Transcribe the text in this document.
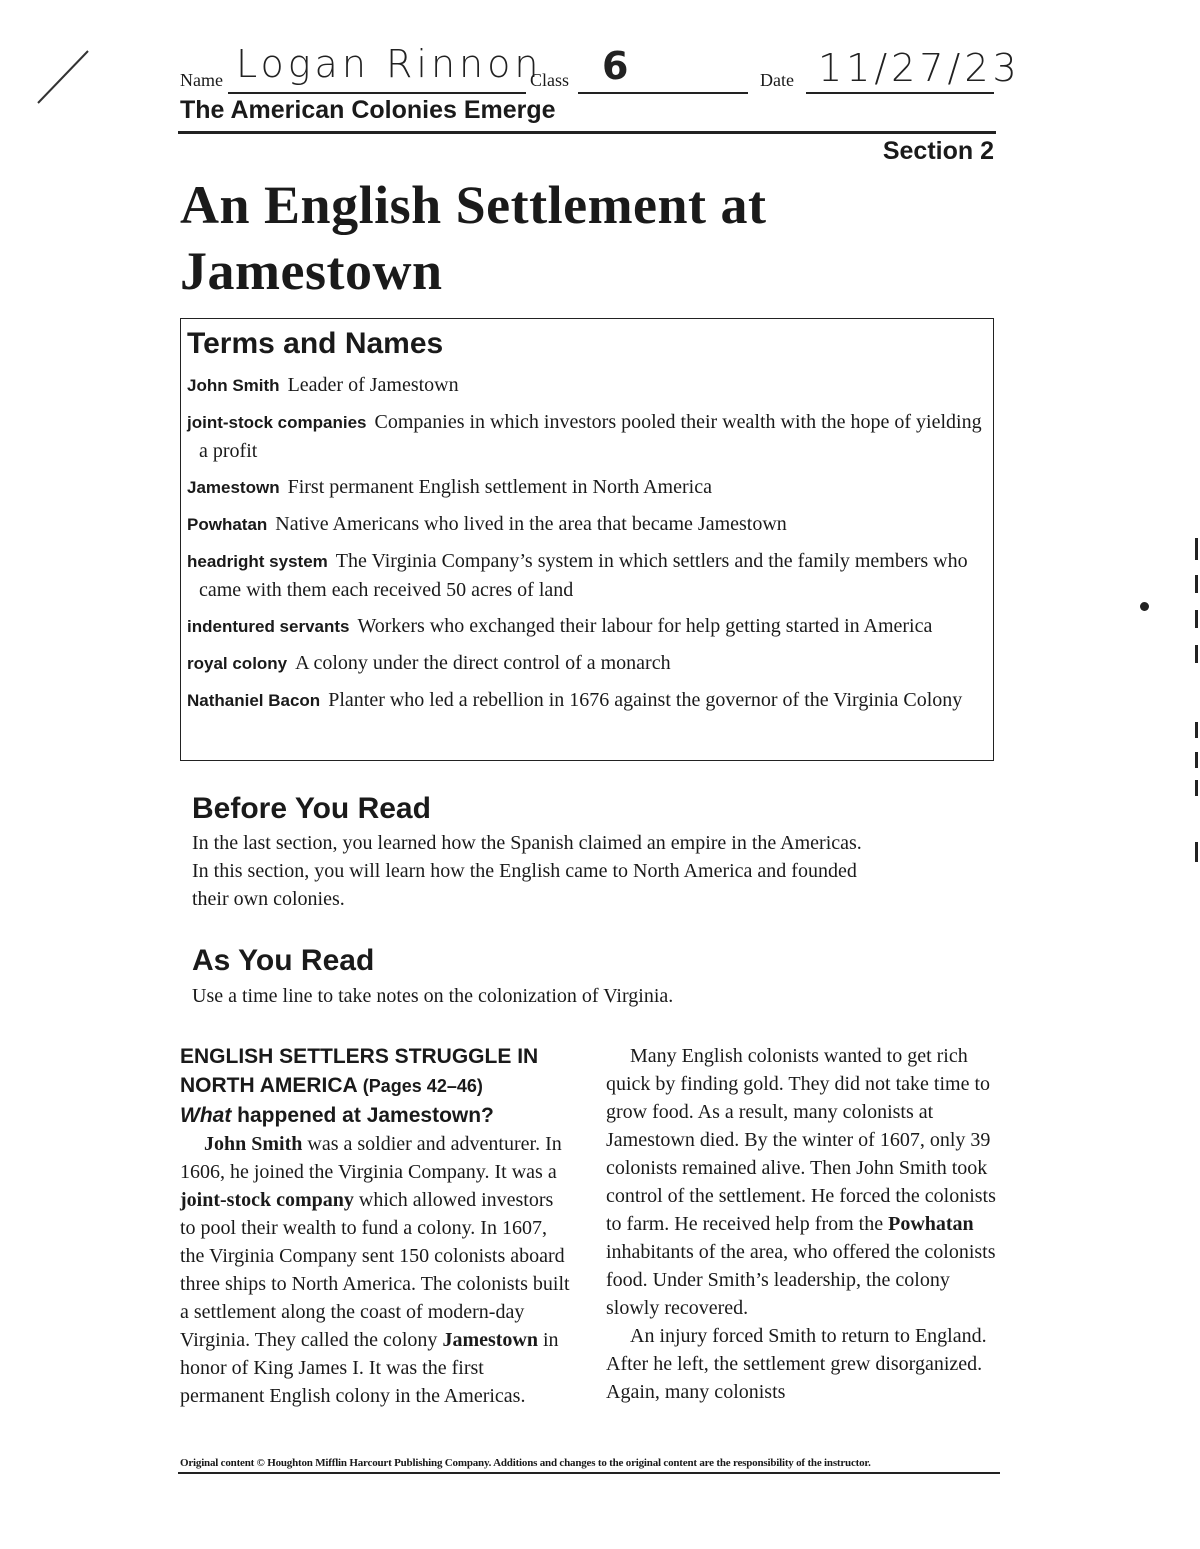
Name Logan Rinnon
Class 6	Date 11/27/23
The American Colonies Emerge
Section 2
An English Settlement at Jamestown
Terms and Names
John Smith Leader of Jamestown
joint-stock companies Companies in which investors pooled their wealth with the hope of yielding a profit
Jamestown First permanent English settlement in North America
Powhatan Native Americans who lived in the area that became Jamestown
headright system The Virginia Company’s system in which settlers and the family members who came with them each received 50 acres of land
indentured servants Workers who exchanged their labour for help getting started in America
royal colony A colony under the direct control of a monarch
Nathaniel Bacon Planter who led a rebellion in 1676 against the governor of the Virginia Colony
Before You Read
In the last section, you learned how the Spanish claimed an empire in the Americas. In this section, you will learn how the English came to North America and founded their own colonies.
As You Read
Use a time line to take notes on the colonization of Virginia.
ENGLISH SETTLERS STRUGGLE IN NORTH AMERICA (Pages 42–46)
What happened at Jamestown?

John Smith was a soldier and adventurer. In 1606, he joined the Virginia Company. It was a joint-stock company which allowed investors to pool their wealth to fund a colony. In 1607, the Virginia Company sent 150 colonists aboard three ships to North America. The colonists built a settlement along the coast of modern-day Virginia. They called the colony Jamestown in honor of King James I. It was the first permanent English colony in the Americas.

Many English colonists wanted to get rich quick by finding gold. They did not take time to grow food. As a result, many colonists at Jamestown died. By the winter of 1607, only 39 colonists remained alive. Then John Smith took control of the settlement. He forced the colonists to farm. He received help from the Powhatan inhabitants of the area, who offered the colonists food. Under Smith’s leadership, the colony slowly recovered.

An injury forced Smith to return to England. After he left, the settlement grew disorganized. Again, many colonists

Original content © Houghton Mifflin Harcourt Publishing Company. Additions and changes to the original content are the responsibility of the instructor.
